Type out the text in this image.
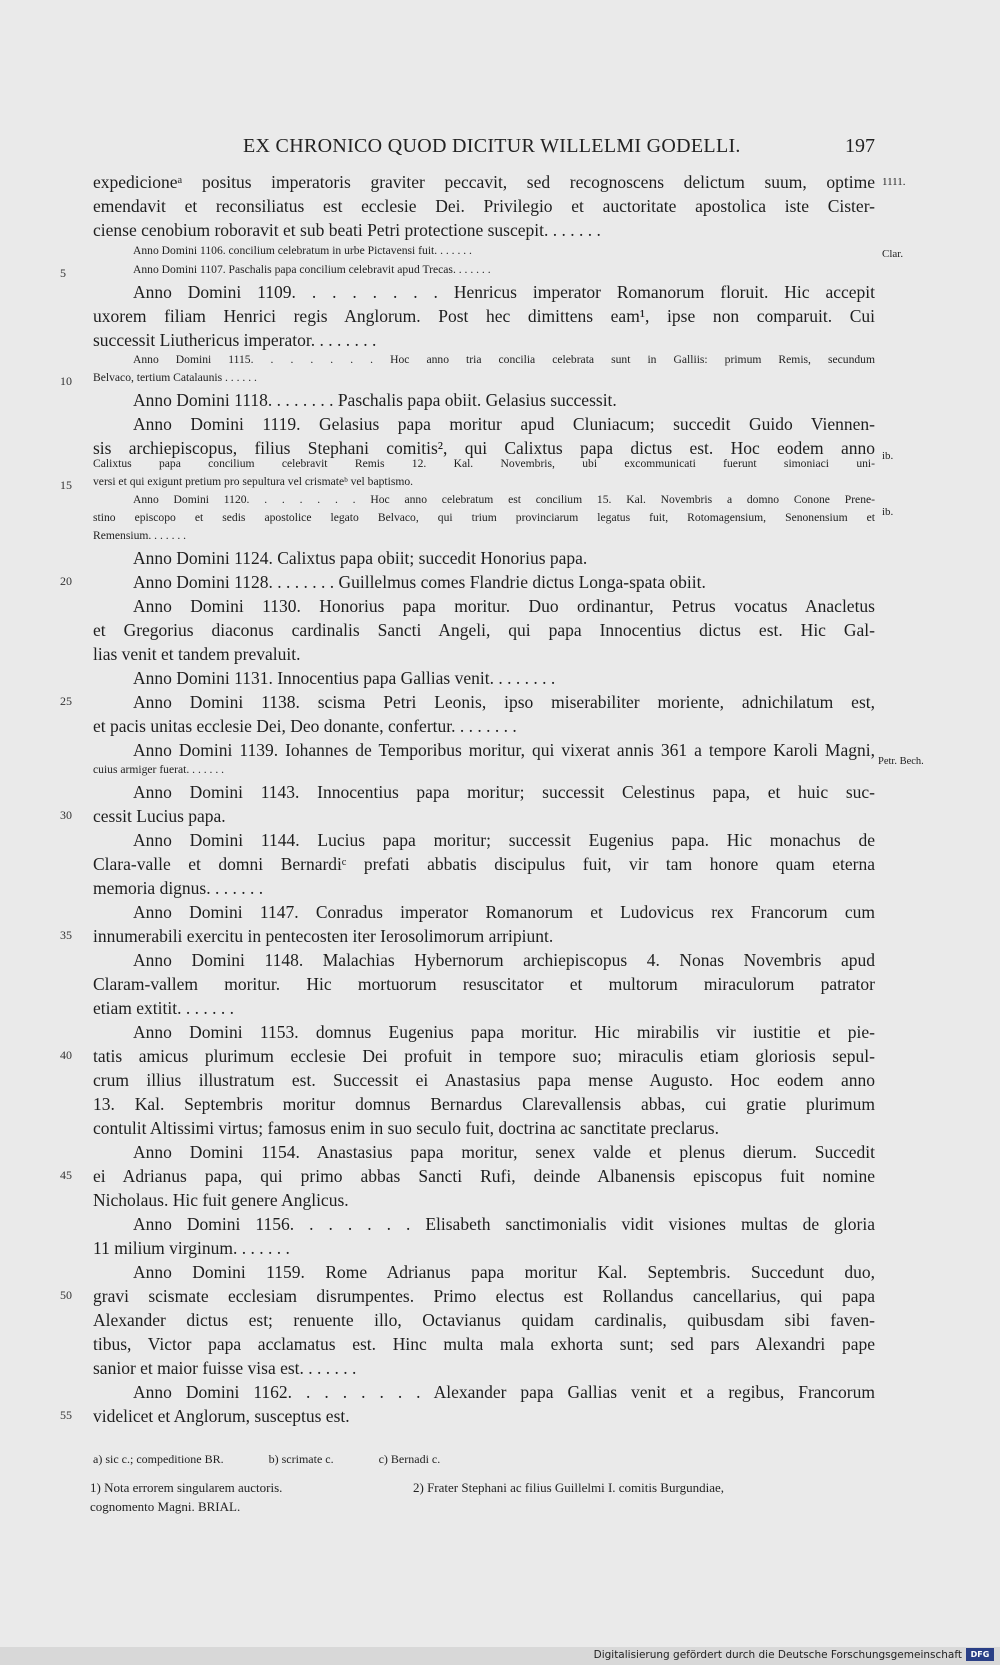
EX CHRONICO QUOD DICITUR WILLELMI GODELLI.	197
expedicioneᵃ positus imperatoris graviter peccavit, sed recognoscens delictum suum, optime
emendavit et reconsiliatus est ecclesie Dei. Privilegio et auctoritate apostolica iste Cister-
ciense cenobium roboravit et sub beati Petri protectione suscepit. . . . . . .
Anno Domini 1106. concilium celebratum in urbe Pictavensi fuit. . . . . . .
Anno Domini 1107. Paschalis papa concilium celebravit apud Trecas. . . . . . .
Anno Domini 1109. . . . . . . . Henricus imperator Romanorum floruit. Hic accepit
uxorem filiam Henrici regis Anglorum. Post hec dimittens eam¹, ipse non comparuit. Cui
successit Liuthericus imperator. . . . . . . .
Anno Domini 1115. . . . . . . Hoc anno tria concilia celebrata sunt in Galliis: primum Remis, secundum
Belvaco, tertium Catalaunis . . . . . .
Anno Domini 1118. . . . . . . . Paschalis papa obiit. Gelasius successit.
Anno Domini 1119. Gelasius papa moritur apud Cluniacum; succedit Guido Viennen-
sis archiepiscopus, filius Stephani comitis², qui Calixtus papa dictus est. Hoc eodem anno
Calixtus papa concilium celebravit Remis 12. Kal. Novembris, ubi excommunicati fuerunt simoniaci uni-
versi et qui exigunt pretium pro sepultura vel crismateᵇ vel baptismo.
Anno Domini 1120. . . . . . . Hoc anno celebratum est concilium 15. Kal. Novembris a domno Conone Prene-
stino episcopo et sedis apostolice legato Belvaco, qui trium provinciarum legatus fuit, Rotomagensium, Senonensium et
Remensium. . . . . . .
Anno Domini 1124. Calixtus papa obiit; succedit Honorius papa.
Anno Domini 1128. . . . . . . . Guillelmus comes Flandrie dictus Longa-spata obiit.
Anno Domini 1130. Honorius papa moritur. Duo ordinantur, Petrus vocatus Anacletus
et Gregorius diaconus cardinalis Sancti Angeli, qui papa Innocentius dictus est. Hic Gal-
lias venit et tandem prevaluit.
Anno Domini 1131. Innocentius papa Gallias venit. . . . . . . .
Anno Domini 1138. scisma Petri Leonis, ipso miserabiliter moriente, adnichilatum est,
et pacis unitas ecclesie Dei, Deo donante, confertur. . . . . . . .
Anno Domini 1139. Iohannes de Temporibus moritur, qui vixerat annis 361 a tempore Karoli Magni,
cuius armiger fuerat. . . . . . .
Anno Domini 1143. Innocentius papa moritur; successit Celestinus papa, et huic suc-
cessit Lucius papa.
Anno Domini 1144. Lucius papa moritur; successit Eugenius papa. Hic monachus de
Clara-valle et domni Bernardiᶜ prefati abbatis discipulus fuit, vir tam honore quam eterna
memoria dignus. . . . . . .
Anno Domini 1147. Conradus imperator Romanorum et Ludovicus rex Francorum cum
innumerabili exercitu in pentecosten iter Ierosolimorum arripiunt.
Anno Domini 1148. Malachias Hybernorum archiepiscopus 4. Nonas Novembris apud
Claram-vallem moritur. Hic mortuorum resuscitator et multorum miraculorum patrator
etiam extitit. . . . . . .
Anno Domini 1153. domnus Eugenius papa moritur. Hic mirabilis vir iustitie et pie-
tatis amicus plurimum ecclesie Dei profuit in tempore suo; miraculis etiam gloriosis sepul-
crum illius illustratum est. Successit ei Anastasius papa mense Augusto. Hoc eodem anno
13. Kal. Septembris moritur domnus Bernardus Clarevallensis abbas, cui gratie plurimum
contulit Altissimi virtus; famosus enim in suo seculo fuit, doctrina ac sanctitate preclarus.
Anno Domini 1154. Anastasius papa moritur, senex valde et plenus dierum. Succedit
ei Adrianus papa, qui primo abbas Sancti Rufi, deinde Albanensis episcopus fuit nomine
Nicholaus. Hic fuit genere Anglicus.
Anno Domini 1156. . . . . . . Elisabeth sanctimonialis vidit visiones multas de gloria
11 milium virginum. . . . . . .
Anno Domini 1159. Rome Adrianus papa moritur Kal. Septembris. Succedunt duo,
gravi scismate ecclesiam disrumpentes. Primo electus est Rollandus cancellarius, qui papa
Alexander dictus est; renuente illo, Octavianus quidam cardinalis, quibusdam sibi faven-
tibus, Victor papa acclamatus est. Hinc multa mala exhorta sunt; sed pars Alexandri pape
sanior et maior fuisse visa est. . . . . . .
Anno Domini 1162. . . . . . . . Alexander papa Gallias venit et a regibus, Francorum
videlicet et Anglorum, susceptus est.
5
10
15
20
25
30
35
40
45
50
55
1111.
Clar.
ib.
ib.
Petr. Bech.
a) sic c.; compeditione BR.	b) scrimate c.	c) Bernadi c.
1) Nota errorem singularem auctoris.	2) Frater Stephani ac filius Guillelmi I. comitis Burgundiae,
cognomento Magni. BRIAL.
Digitalisierung gefördert durch die Deutsche Forschungsgemeinschaft	DFG
